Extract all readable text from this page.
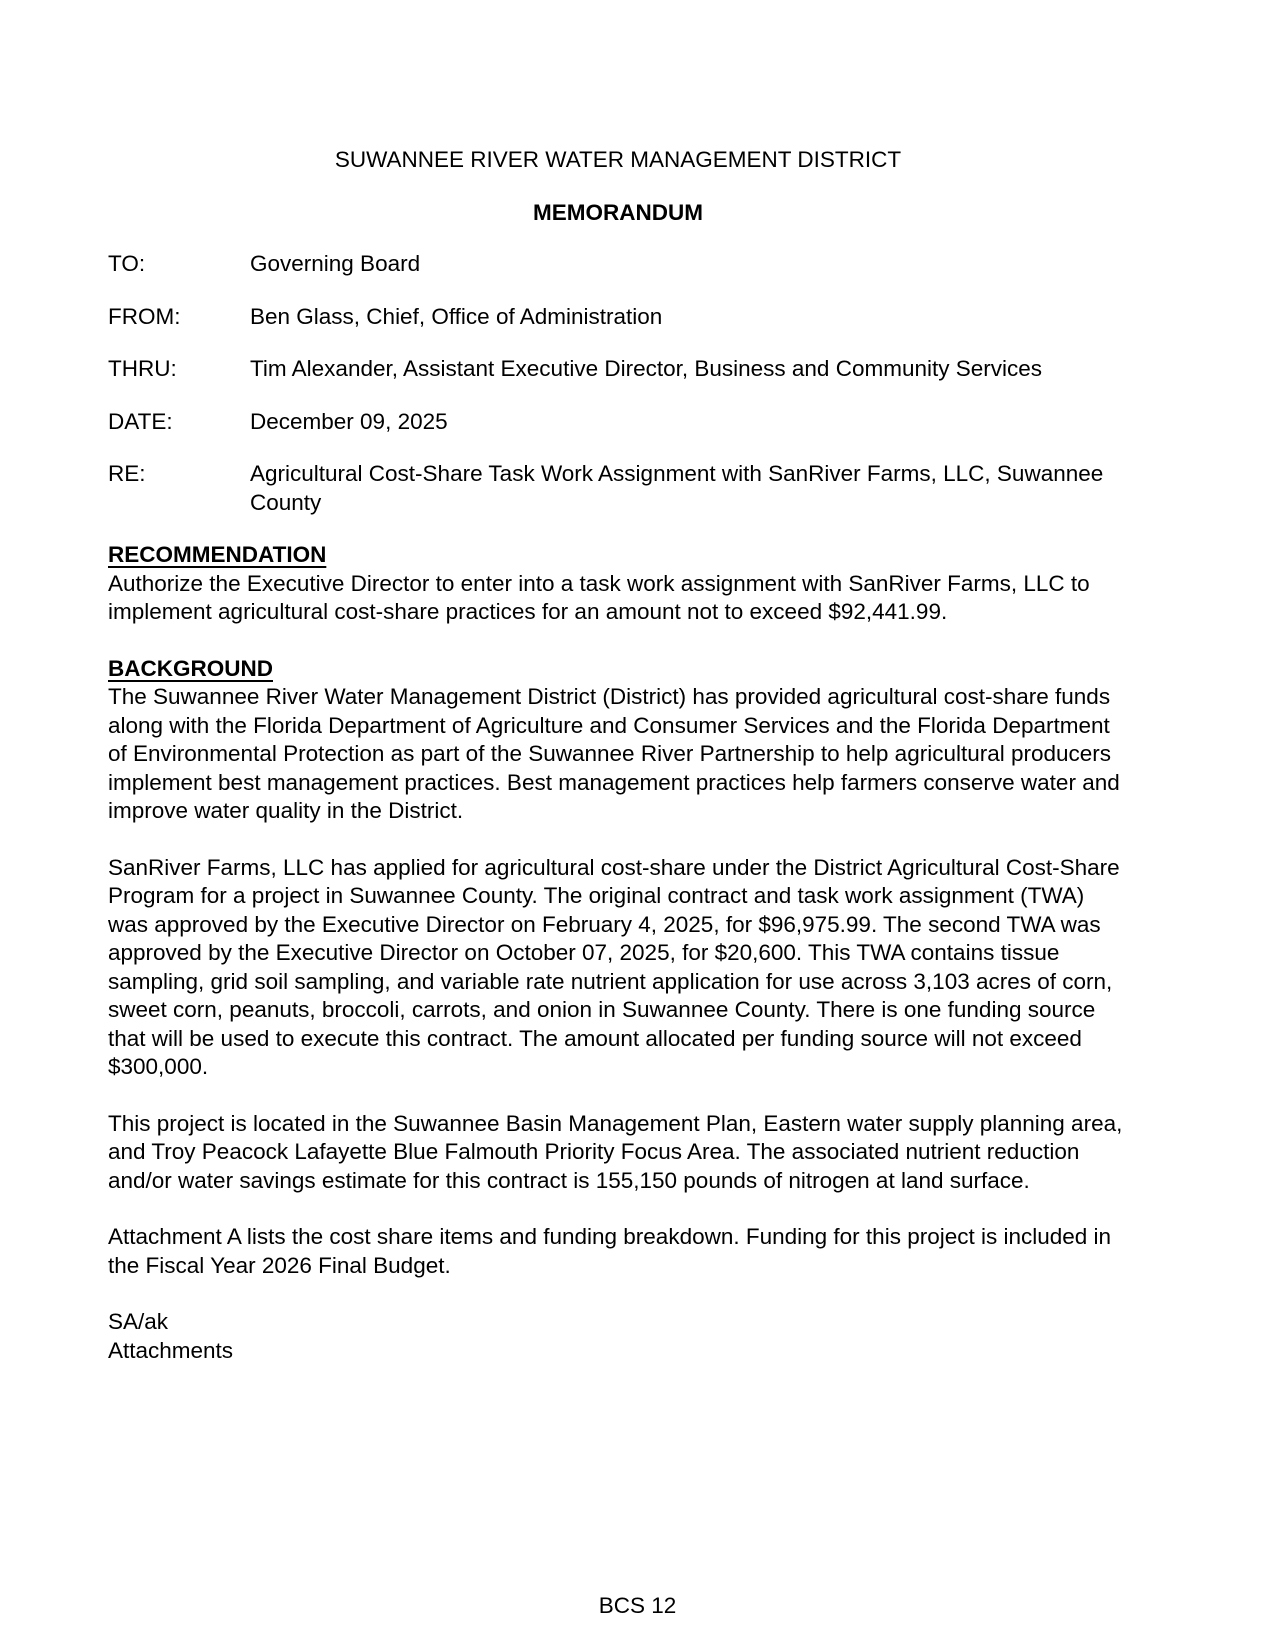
SUWANNEE RIVER WATER MANAGEMENT DISTRICT
MEMORANDUM
TO:	Governing Board
FROM:	Ben Glass, Chief, Office of Administration
THRU:	Tim Alexander, Assistant Executive Director, Business and Community Services
DATE:	December 09, 2025
RE:	Agricultural Cost-Share Task Work Assignment with SanRiver Farms, LLC, Suwannee County
RECOMMENDATION

Authorize the Executive Director to enter into a task work assignment with SanRiver Farms, LLC to implement agricultural cost-share practices for an amount not to exceed $92,441.99.

BACKGROUND

The Suwannee River Water Management District (District) has provided agricultural cost-share funds along with the Florida Department of Agriculture and Consumer Services and the Florida Department of Environmental Protection as part of the Suwannee River Partnership to help agricultural producers implement best management practices. Best management practices help farmers conserve water and improve water quality in the District.

SanRiver Farms, LLC has applied for agricultural cost-share under the District Agricultural Cost-Share Program for a project in Suwannee County. The original contract and task work assignment (TWA) was approved by the Executive Director on February 4, 2025, for $96,975.99. The second TWA was approved by the Executive Director on October 07, 2025, for $20,600. This TWA contains tissue sampling, grid soil sampling, and variable rate nutrient application for use across 3,103 acres of corn, sweet corn, peanuts, broccoli, carrots, and onion in Suwannee County. There is one funding source that will be used to execute this contract. The amount allocated per funding source will not exceed $300,000.

This project is located in the Suwannee Basin Management Plan, Eastern water supply planning area, and Troy Peacock Lafayette Blue Falmouth Priority Focus Area. The associated nutrient reduction and/or water savings estimate for this contract is 155,150 pounds of nitrogen at land surface.

Attachment A lists the cost share items and funding breakdown. Funding for this project is included in the Fiscal Year 2026 Final Budget.

SA/ak
Attachments
BCS 12
